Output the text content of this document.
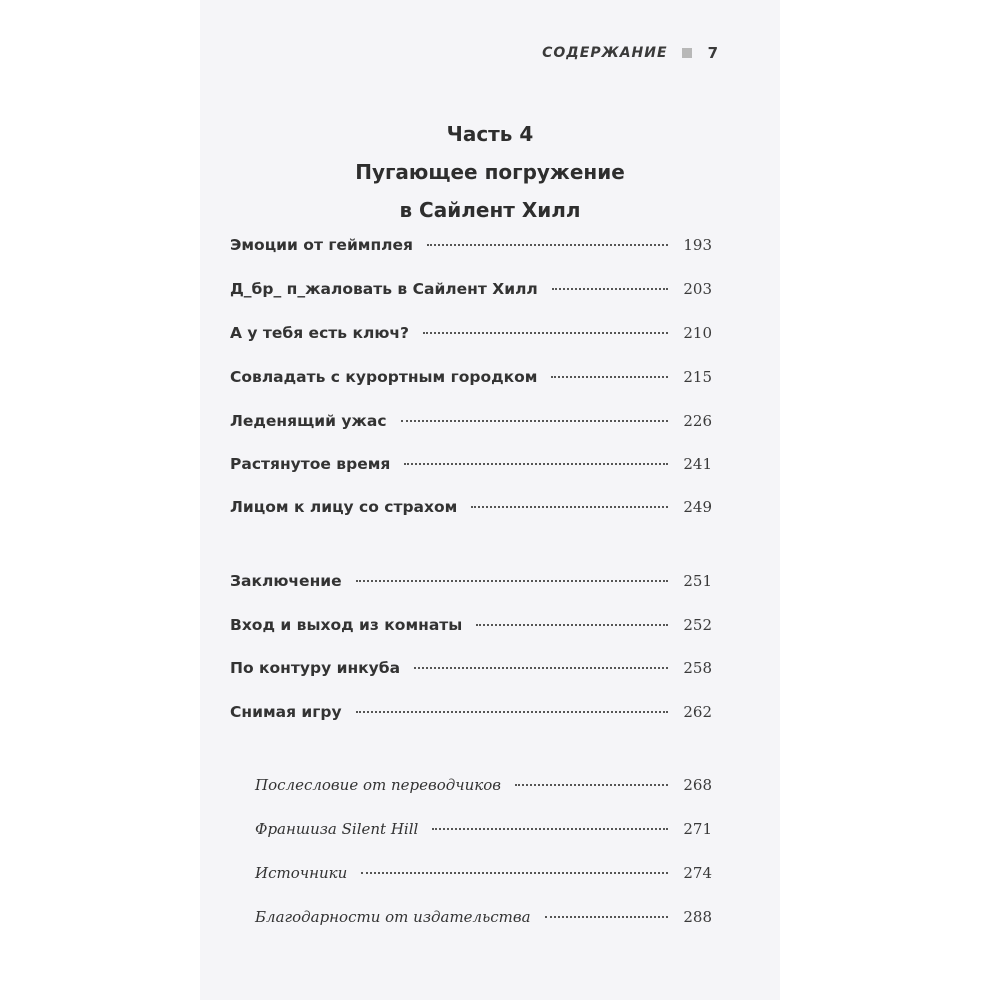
СОДЕРЖАНИЕ	7
Часть 4
Пугающее погружение
в Сайлент Хилл
Эмоции от геймплея	193
Д_бр_ п_жаловать в Сайлент Хилл	203
А у тебя есть ключ?	210
Совладать с курортным городком	215
Леденящий ужас	226
Растянутое время	241
Лицом к лицу со страхом	249
Заключение	251
Вход и выход из комнаты	252
По контуру инкуба	258
Снимая игру	262
Послесловие от переводчиков	268
Франшиза Silent Hill	271
Источники	274
Благодарности от издательства	288
